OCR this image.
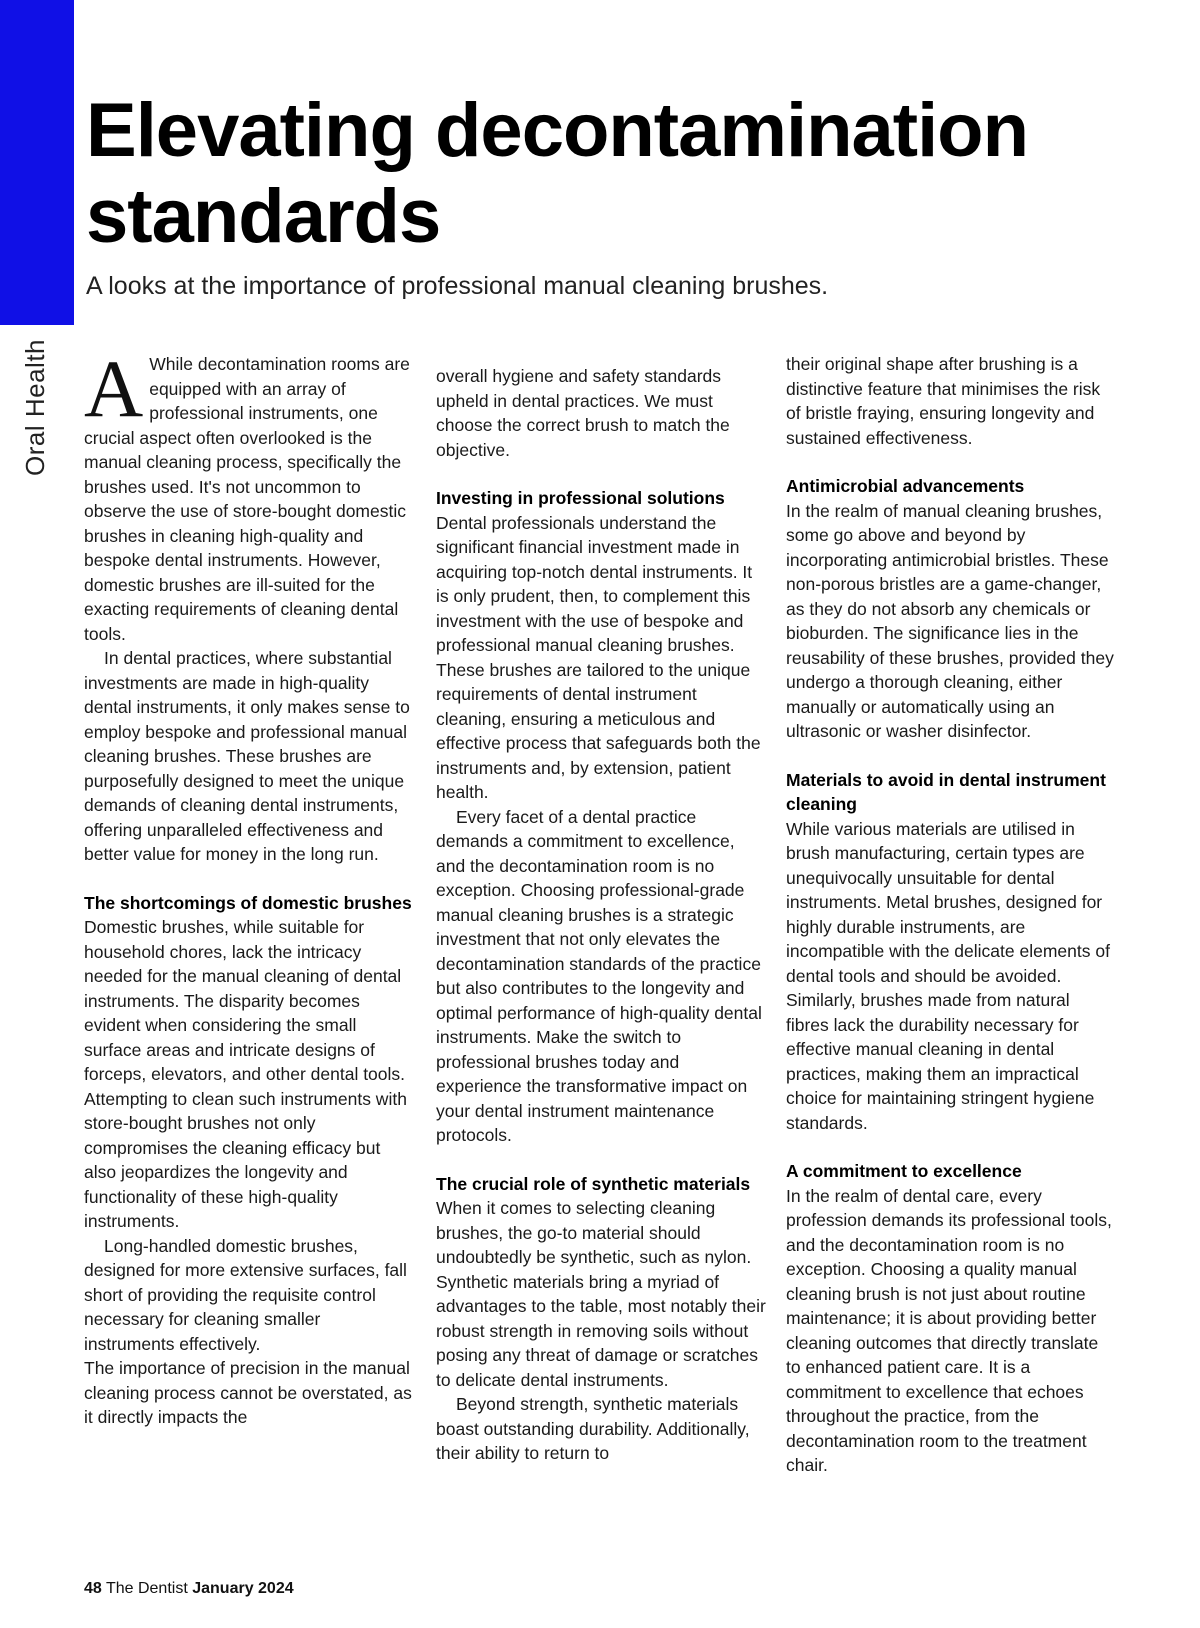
Oral Health
Elevating decontamination standards
A looks at the importance of professional manual cleaning brushes.

A While decontamination rooms are equipped with an array of professional instruments, one crucial aspect often overlooked is the manual cleaning process, specifically the brushes used. It's not uncommon to observe the use of store-bought domestic brushes in cleaning high-quality and bespoke dental instruments. However, domestic brushes are ill-suited for the exacting requirements of cleaning dental tools.

In dental practices, where substantial investments are made in high-quality dental instruments, it only makes sense to employ bespoke and professional manual cleaning brushes. These brushes are purposefully designed to meet the unique demands of cleaning dental instruments, offering unparalleled effectiveness and better value for money in the long run.

The shortcomings of domestic brushes

Domestic brushes, while suitable for household chores, lack the intricacy needed for the manual cleaning of dental instruments. The disparity becomes evident when considering the small surface areas and intricate designs of forceps, elevators, and other dental tools. Attempting to clean such instruments with store-bought brushes not only compromises the cleaning efficacy but also jeopardizes the longevity and functionality of these high-quality instruments.

Long-handled domestic brushes, designed for more extensive surfaces, fall short of providing the requisite control necessary for cleaning smaller instruments effectively.

The importance of precision in the manual cleaning process cannot be overstated, as it directly impacts the

overall hygiene and safety standards upheld in dental practices. We must choose the correct brush to match the objective.

Investing in professional solutions

Dental professionals understand the significant financial investment made in acquiring top-notch dental instruments. It is only prudent, then, to complement this investment with the use of bespoke and professional manual cleaning brushes. These brushes are tailored to the unique requirements of dental instrument cleaning, ensuring a meticulous and effective process that safeguards both the instruments and, by extension, patient health.

Every facet of a dental practice demands a commitment to excellence, and the decontamination room is no exception. Choosing professional-grade manual cleaning brushes is a strategic investment that not only elevates the decontamination standards of the practice but also contributes to the longevity and optimal performance of high-quality dental instruments. Make the switch to professional brushes today and experience the transformative impact on your dental instrument maintenance protocols.

The crucial role of synthetic materials

When it comes to selecting cleaning brushes, the go-to material should undoubtedly be synthetic, such as nylon. Synthetic materials bring a myriad of advantages to the table, most notably their robust strength in removing soils without posing any threat of damage or scratches to delicate dental instruments.

Beyond strength, synthetic materials boast outstanding durability. Additionally, their ability to return to

their original shape after brushing is a distinctive feature that minimises the risk of bristle fraying, ensuring longevity and sustained effectiveness.

Antimicrobial advancements

In the realm of manual cleaning brushes, some go above and beyond by incorporating antimicrobial bristles. These non-porous bristles are a game-changer, as they do not absorb any chemicals or bioburden. The significance lies in the reusability of these brushes, provided they undergo a thorough cleaning, either manually or automatically using an ultrasonic or washer disinfector.

Materials to avoid in dental instrument cleaning

While various materials are utilised in brush manufacturing, certain types are unequivocally unsuitable for dental instruments. Metal brushes, designed for highly durable instruments, are incompatible with the delicate elements of dental tools and should be avoided. Similarly, brushes made from natural fibres lack the durability necessary for effective manual cleaning in dental practices, making them an impractical choice for maintaining stringent hygiene standards.

A commitment to excellence

In the realm of dental care, every profession demands its professional tools, and the decontamination room is no exception. Choosing a quality manual cleaning brush is not just about routine maintenance; it is about providing better cleaning outcomes that directly translate to enhanced patient care. It is a commitment to excellence that echoes throughout the practice, from the decontamination room to the treatment chair.

48 The Dentist January 2024
